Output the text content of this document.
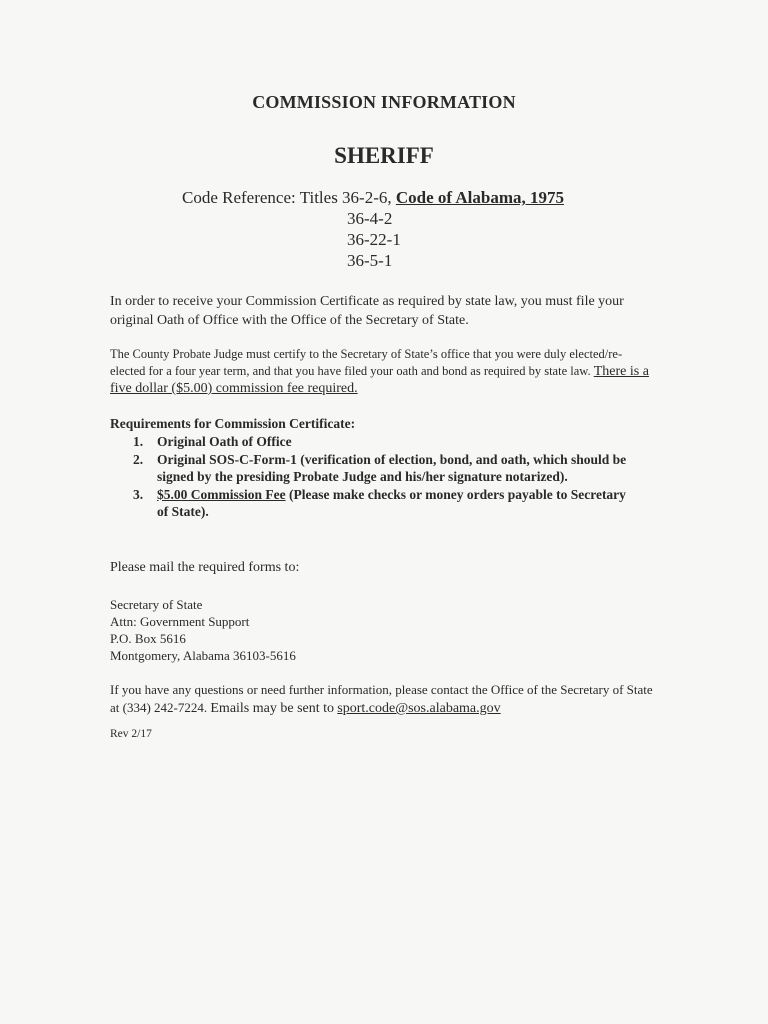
COMMISSION INFORMATION
SHERIFF
Code Reference: Titles 36-2-6, Code of Alabama, 1975
36-4-2
36-22-1
36-5-1

In order to receive your Commission Certificate as required by state law, you must file your original Oath of Office with the Office of the Secretary of State.

The County Probate Judge must certify to the Secretary of State’s office that you were duly elected/re-elected for a four year term, and that you have filed your oath and bond as required by state law. There is a five dollar ($5.00) commission fee required.

Requirements for Commission Certificate:

1. Original Oath of Office
2. Original SOS-C-Form-1 (verification of election, bond, and oath, which should be signed by the presiding Probate Judge and his/her signature notarized).
3. $5.00 Commission Fee (Please make checks or money orders payable to Secretary of State).

Please mail the required forms to:

Secretary of State
Attn: Government Support
P.O. Box 5616
Montgomery, Alabama 36103-5616

If you have any questions or need further information, please contact the Office of the Secretary of State at (334) 242-7224. Emails may be sent to sport.code@sos.alabama.gov

Rev 2/17
